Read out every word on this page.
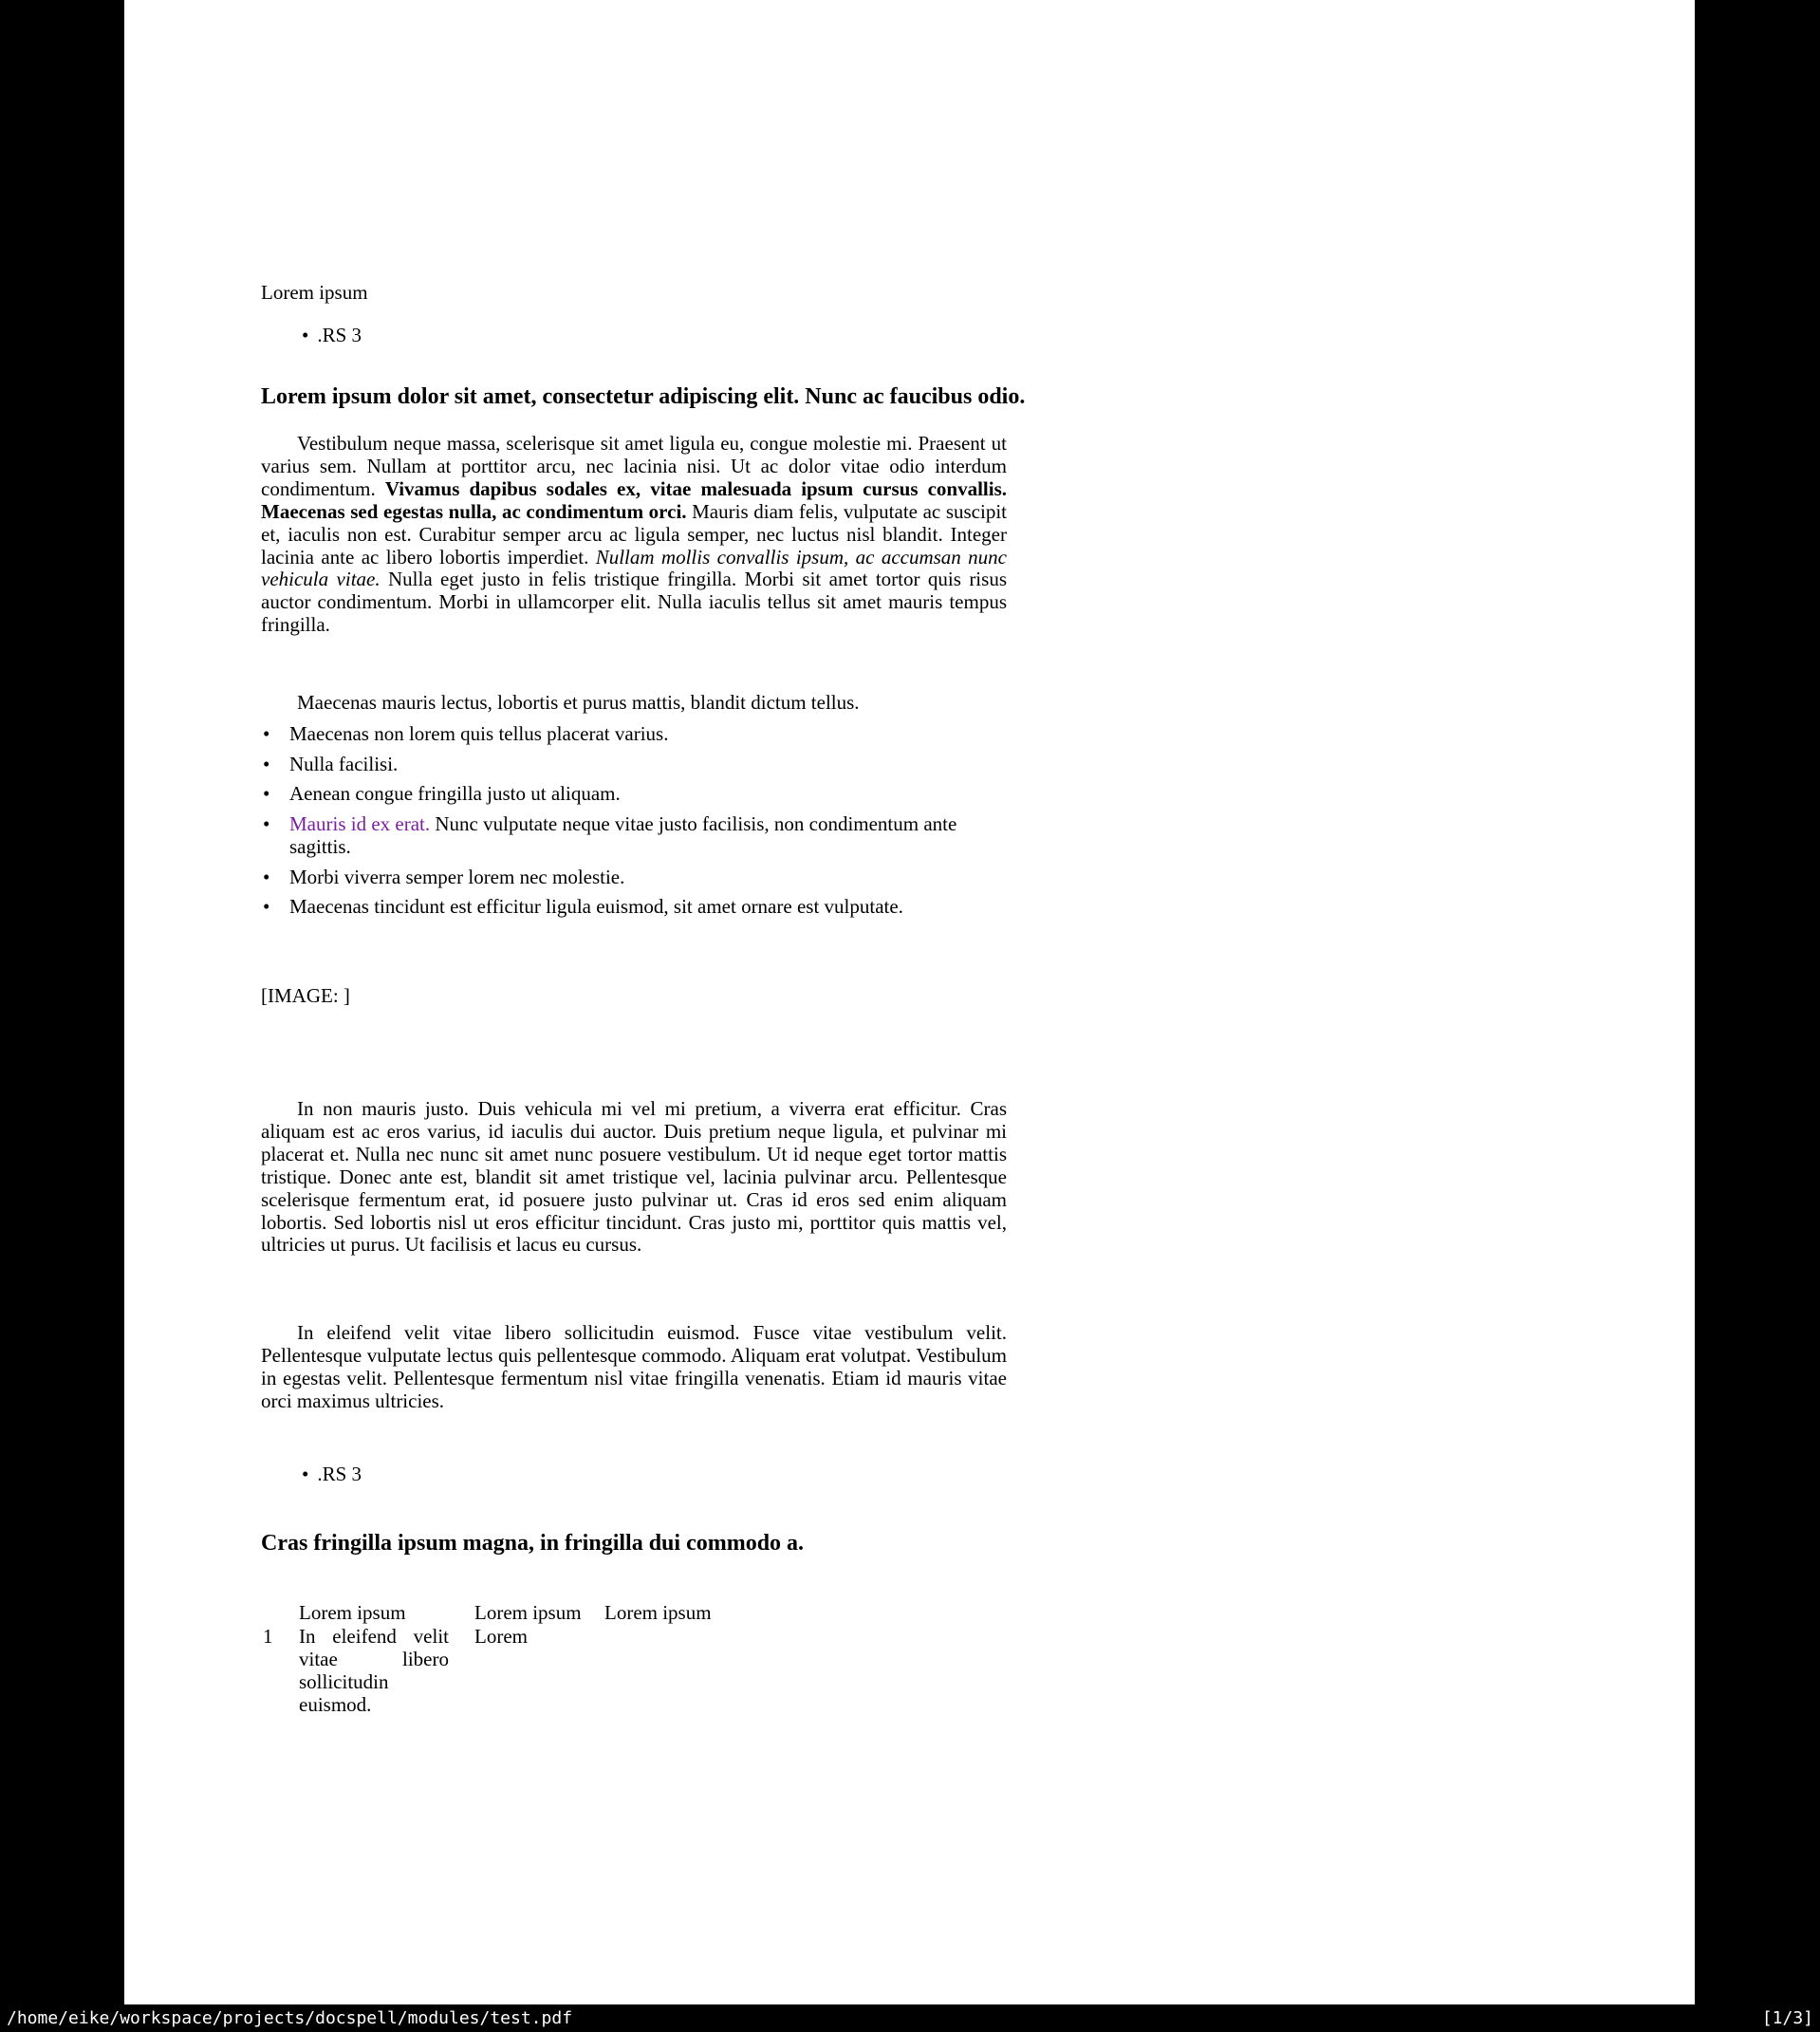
Lorem ipsum
• .RS 3
Lorem ipsum dolor sit amet, consectetur adipiscing elit. Nunc ac faucibus odio.
Vestibulum neque massa, scelerisque sit amet ligula eu, congue molestie mi. Praesent ut varius sem. Nullam at porttitor arcu, nec lacinia nisi. Ut ac dolor vitae odio interdum condimentum. Vivamus dapibus sodales ex, vitae malesuada ipsum cursus convallis. Maecenas sed egestas nulla, ac condimentum orci. Mauris diam felis, vulputate ac suscipit et, iaculis non est. Curabitur semper arcu ac ligula semper, nec luctus nisl blandit. Integer lacinia ante ac libero lobortis imperdiet. Nullam mollis convallis ipsum, ac accumsan nunc vehicula vitae. Nulla eget justo in felis tristique fringilla. Morbi sit amet tortor quis risus auctor condimentum. Morbi in ullamcorper elit. Nulla iaculis tellus sit amet mauris tempus fringilla.
Maecenas mauris lectus, lobortis et purus mattis, blandit dictum tellus.
• Maecenas non lorem quis tellus placerat varius.
• Nulla facilisi.
• Aenean congue fringilla justo ut aliquam.
• Mauris id ex erat. Nunc vulputate neque vitae justo facilisis, non condimentum ante sagittis.
• Morbi viverra semper lorem nec molestie.
• Maecenas tincidunt est efficitur ligula euismod, sit amet ornare est vulputate.
[IMAGE: ]
In non mauris justo. Duis vehicula mi vel mi pretium, a viverra erat efficitur. Cras aliquam est ac eros varius, id iaculis dui auctor. Duis pretium neque ligula, et pulvinar mi placerat et. Nulla nec nunc sit amet nunc posuere vestibulum. Ut id neque eget tortor mattis tristique. Donec ante est, blandit sit amet tristique vel, lacinia pulvinar arcu. Pellentesque scelerisque fermentum erat, id posuere justo pulvinar ut. Cras id eros sed enim aliquam lobortis. Sed lobortis nisl ut eros efficitur tincidunt. Cras justo mi, porttitor quis mattis vel, ultricies ut purus. Ut facilisis et lacus eu cursus.
In eleifend velit vitae libero sollicitudin euismod. Fusce vitae vestibulum velit. Pellentesque vulputate lectus quis pellentesque commodo. Aliquam erat volutpat. Vestibulum in egestas velit. Pellentesque fermentum nisl vitae fringilla venenatis. Etiam id mauris vitae orci maximus ultricies.
• .RS 3
Cras fringilla ipsum magna, in fringilla dui commodo a.
Lorem ipsum	Lorem ipsum Lorem ipsum
1 In eleifend velit vitae libero sollicitudin euismod.
Lorem
/home/eike/workspace/projects/docspell/modules/test.pdf	[1/3]
